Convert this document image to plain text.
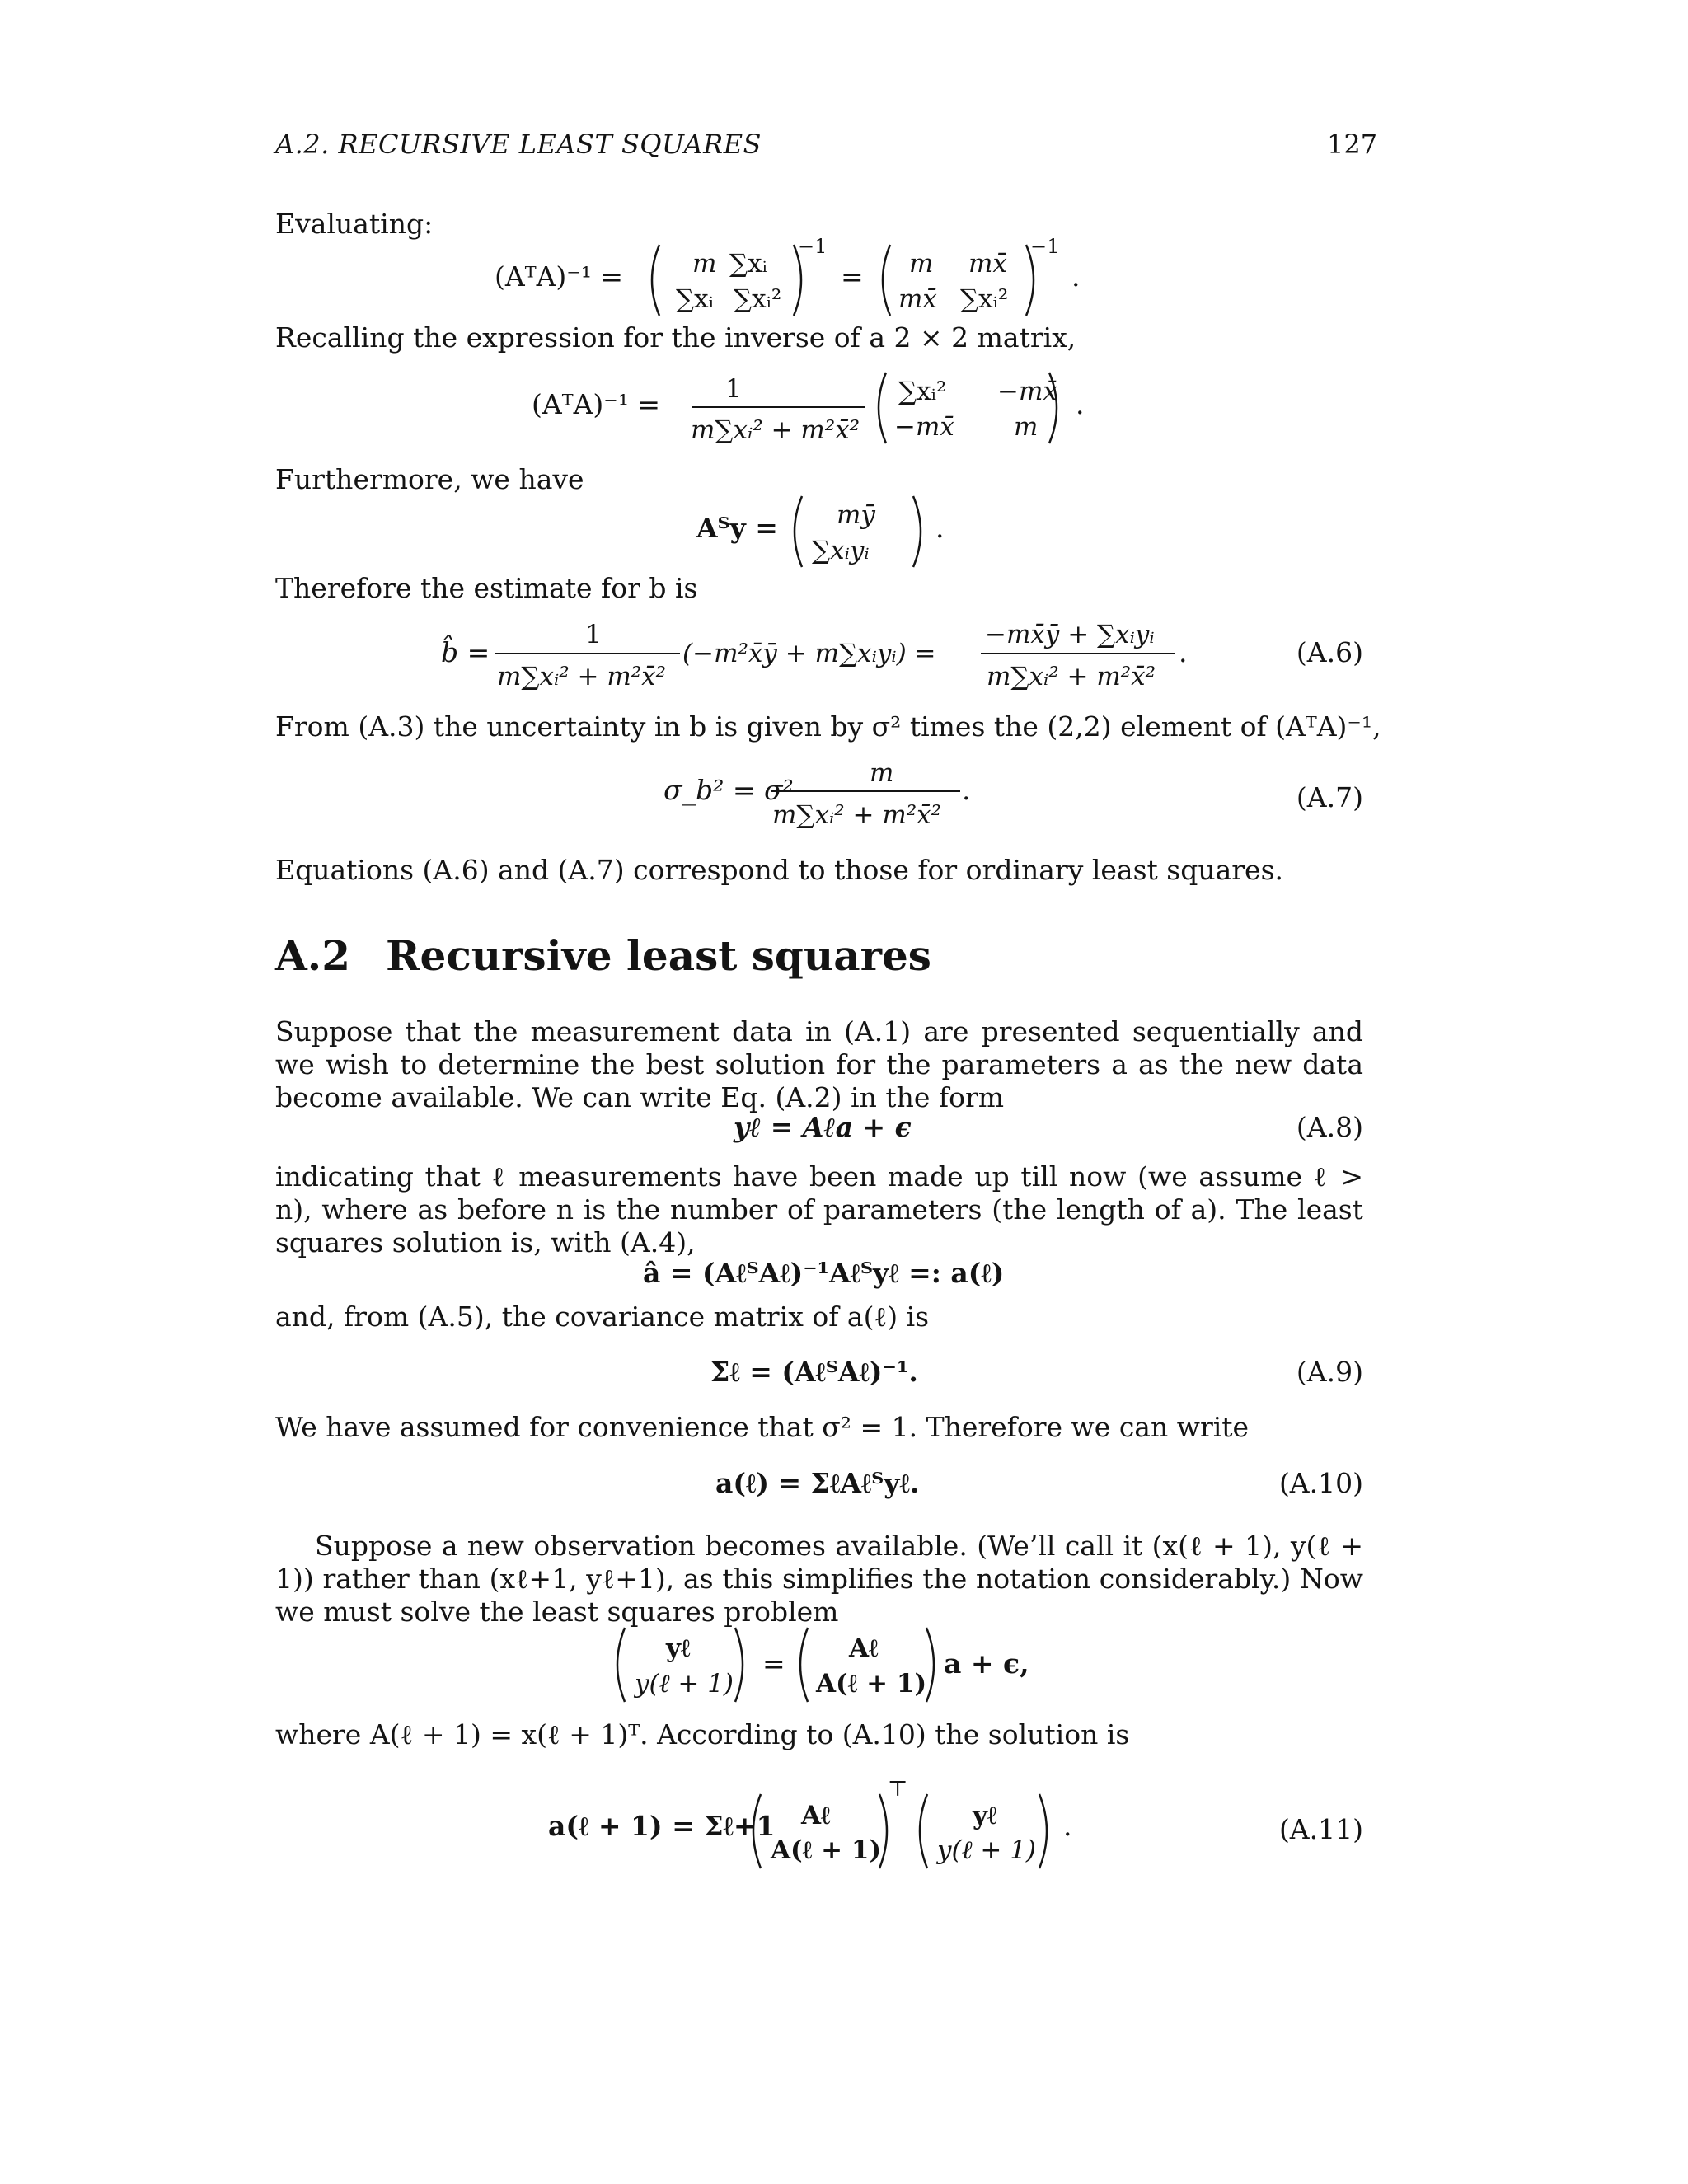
A.2. RECURSIVE LEAST SQUARES	127
Evaluating:
(AᵀA)⁻¹ =	m ∑xᵢ
∑xᵢ ∑xᵢ²
−1
= m mx̄
mx̄ ∑xᵢ²
−1
.
Recalling the expression for the inverse of a 2 × 2 matrix,
(AᵀA)⁻¹ =	1
m∑xᵢ² + m²x̄²
∑xᵢ² −mx̄
−mx̄ m
.
Furthermore, we have
Aᵀy = mȳ
∑xᵢyᵢ
.
Therefore the estimate for b is
b̂ =
1
m∑xᵢ² + m²x̄²
(−m²x̄ȳ + m∑xᵢyᵢ) =
−mx̄ȳ + ∑xᵢyᵢ
m∑xᵢ² + m²x̄²
.	(A.6)
From (A.3) the uncertainty in b is given by σ² times the (2,2) element of (AᵀA)⁻¹,
σ_b² = σ²
m
m∑xᵢ² + m²x̄²
.	(A.7)
Equations (A.6) and (A.7) correspond to those for ordinary least squares.
A.2 Recursive least squares
Suppose that the measurement data in (A.1) are presented sequentially and we wish to determine the best solution for the parameters a as the new data become available. We can write Eq. (A.2) in the form
yℓ = Aℓa + ϵ	(A.8)
indicating that ℓ measurements have been made up till now (we assume ℓ > n), where as before n is the number of parameters (the length of a). The least squares solution is, with (A.4),
â = (AℓᵀAℓ)⁻¹Aℓᵀyℓ =: a(ℓ)
and, from (A.5), the covariance matrix of a(ℓ) is
Σℓ = (AℓᵀAℓ)⁻¹.	(A.9)
We have assumed for convenience that σ² = 1. Therefore we can write
a(ℓ) = ΣℓAℓᵀyℓ.	(A.10)
Suppose a new observation becomes available. (We’ll call it (x(ℓ + 1), y(ℓ + 1)) rather than (xℓ+1, yℓ+1), as this simplifies the notation considerably.) Now we must solve the least squares problem
yℓ
y(ℓ + 1)
= Aℓ
A(ℓ + 1)
a + ϵ,
where A(ℓ + 1) = x(ℓ + 1)ᵀ. According to (A.10) the solution is
a(ℓ + 1) = Σℓ+1 Aℓ
A(ℓ + 1)
⊤
yℓ
y(ℓ + 1)
.	(A.11)
